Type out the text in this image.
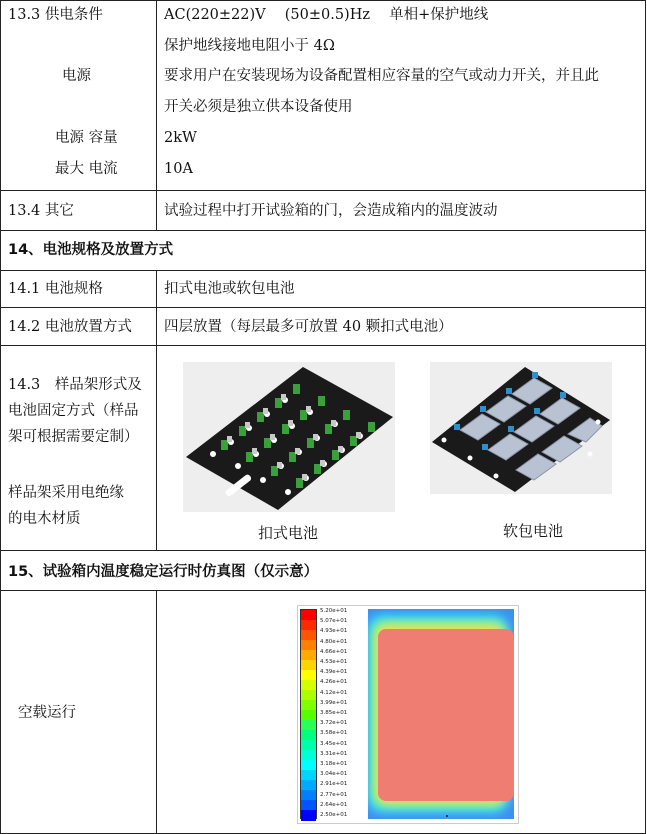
13.3 供电条件	AC(220±22)V　 (50±0.5)Hz　 单相+保护地线
保护地线接地电阻小于 4Ω
电源	要求用户在安装现场为设备配置相应容量的空气或动力开关，并且此
开关必须是独立供本设备使用
电源 容量	2kW
最大 电流	10A
13.4 其它	试验过程中打开试验箱的门，会造成箱内的温度波动
14、电池规格及放置方式
14.1 电池规格	扣式电池或软包电池
14.2 电池放置方式 四层放置（每层最多可放置 40 颗扣式电池）
14.3　样品架形式及
电池固定方式（样品
架可根据需要定制）
样品架采用电绝缘
的电木材质
扣式电池	软包电池
15、试验箱内温度稳定运行时仿真图（仅示意）
空载运行
5.20e+01
5.07e+01
4.93e+01
4.80e+01
4.66e+01
4.53e+01
4.39e+01
4.26e+01
4.12e+01
3.99e+01
3.85e+01
3.72e+01
3.58e+01
3.45e+01
3.31e+01
3.18e+01
3.04e+01
2.91e+01
2.77e+01
2.64e+01
2.50e+01
